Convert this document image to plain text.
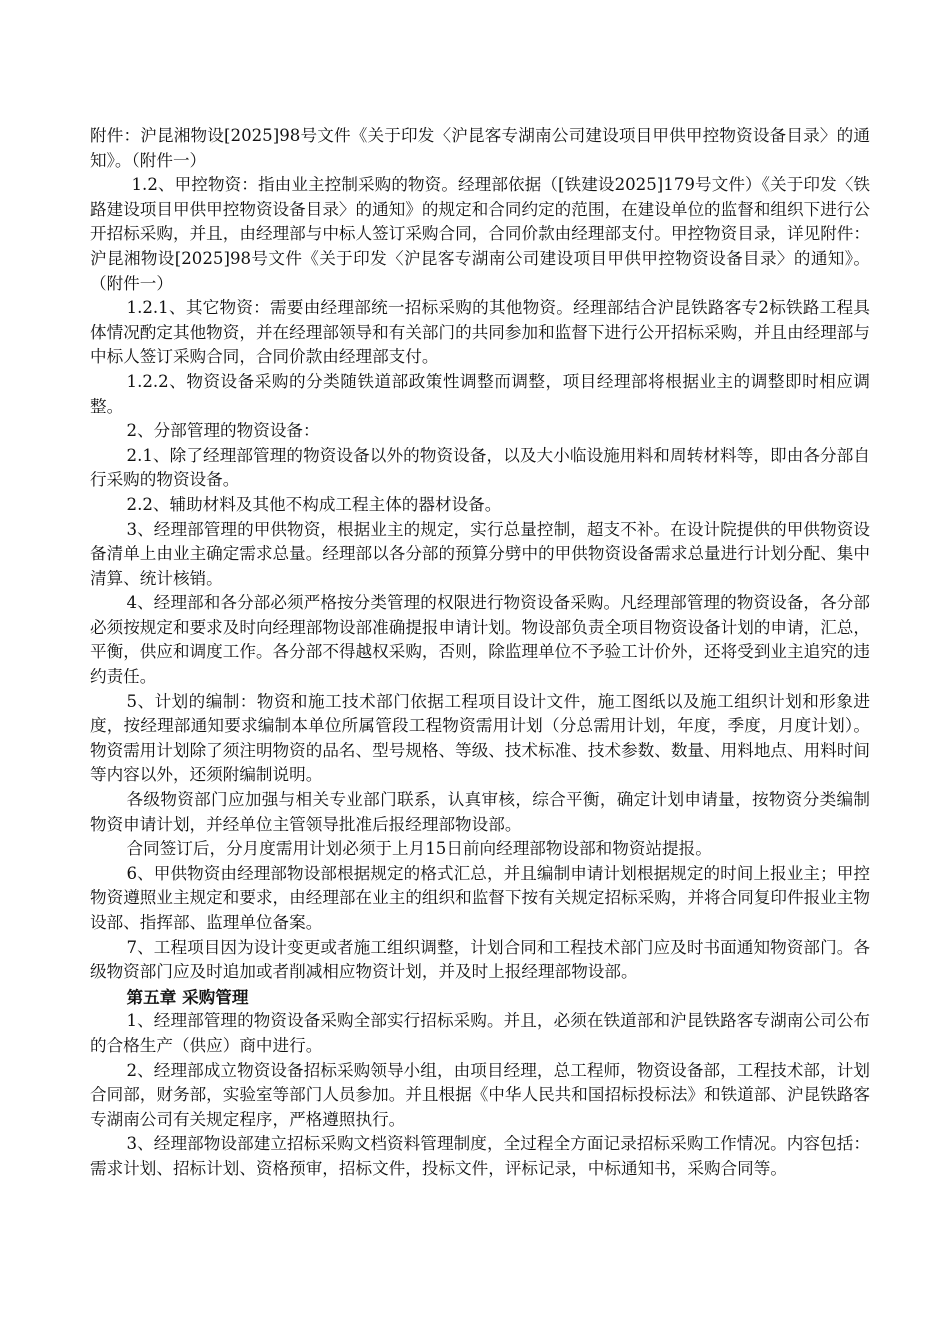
附件：沪昆湘物设[2025]98号文件《关于印发〈沪昆客专湖南公司建设项目甲供甲控物资设备目录〉的通知》。（附件一）

1.2、甲控物资：指由业主控制采购的物资。经理部依据（[铁建设2025]179号文件）《关于印发〈铁路建设项目甲供甲控物资设备目录〉的通知》的规定和合同约定的范围，在建设单位的监督和组织下进行公开招标采购，并且，由经理部与中标人签订采购合同，合同价款由经理部支付。甲控物资目录，详见附件：沪昆湘物设[2025]98号文件《关于印发〈沪昆客专湖南公司建设项目甲供甲控物资设备目录〉的通知》。（附件一）

1.2.1、其它物资：需要由经理部统一招标采购的其他物资。经理部结合沪昆铁路客专2标铁路工程具体情况酌定其他物资，并在经理部领导和有关部门的共同参加和监督下进行公开招标采购，并且由经理部与中标人签订采购合同，合同价款由经理部支付。

1.2.2、物资设备采购的分类随铁道部政策性调整而调整，项目经理部将根据业主的调整即时相应调整。

2、分部管理的物资设备：

2.1、除了经理部管理的物资设备以外的物资设备，以及大小临设施用料和周转材料等，即由各分部自行采购的物资设备。

2.2、辅助材料及其他不构成工程主体的器材设备。

3、经理部管理的甲供物资，根据业主的规定，实行总量控制，超支不补。在设计院提供的甲供物资设备清单上由业主确定需求总量。经理部以各分部的预算分劈中的甲供物资设备需求总量进行计划分配、集中清算、统计核销。

4、经理部和各分部必须严格按分类管理的权限进行物资设备采购。凡经理部管理的物资设备，各分部必须按规定和要求及时向经理部物设部准确提报申请计划。物设部负责全项目物资设备计划的申请，汇总，平衡，供应和调度工作。各分部不得越权采购，否则，除监理单位不予验工计价外，还将受到业主追究的违约责任。

5、计划的编制：物资和施工技术部门依据工程项目设计文件，施工图纸以及施工组织计划和形象进度，按经理部通知要求编制本单位所属管段工程物资需用计划（分总需用计划，年度，季度，月度计划）。物资需用计划除了须注明物资的品名、型号规格、等级、技术标准、技术参数、数量、用料地点、用料时间等内容以外，还须附编制说明。

各级物资部门应加强与相关专业部门联系，认真审核，综合平衡，确定计划申请量，按物资分类编制物资申请计划，并经单位主管领导批准后报经理部物设部。

合同签订后，分月度需用计划必须于上月15日前向经理部物设部和物资站提报。

6、甲供物资由经理部物设部根据规定的格式汇总，并且编制申请计划根据规定的时间上报业主；甲控物资遵照业主规定和要求，由经理部在业主的组织和监督下按有关规定招标采购，并将合同复印件报业主物设部、指挥部、监理单位备案。

7、工程项目因为设计变更或者施工组织调整，计划合同和工程技术部门应及时书面通知物资部门。各级物资部门应及时追加或者削减相应物资计划，并及时上报经理部物设部。

第五章 采购管理

1、经理部管理的物资设备采购全部实行招标采购。并且，必须在铁道部和沪昆铁路客专湖南公司公布的合格生产（供应）商中进行。

2、经理部成立物资设备招标采购领导小组，由项目经理，总工程师，物资设备部，工程技术部，计划合同部，财务部，实验室等部门人员参加。并且根据《中华人民共和国招标投标法》和铁道部、沪昆铁路客专湖南公司有关规定程序，严格遵照执行。

3、经理部物设部建立招标采购文档资料管理制度，全过程全方面记录招标采购工作情况。内容包括：需求计划、招标计划、资格预审，招标文件，投标文件，评标记录，中标通知书，采购合同等。
